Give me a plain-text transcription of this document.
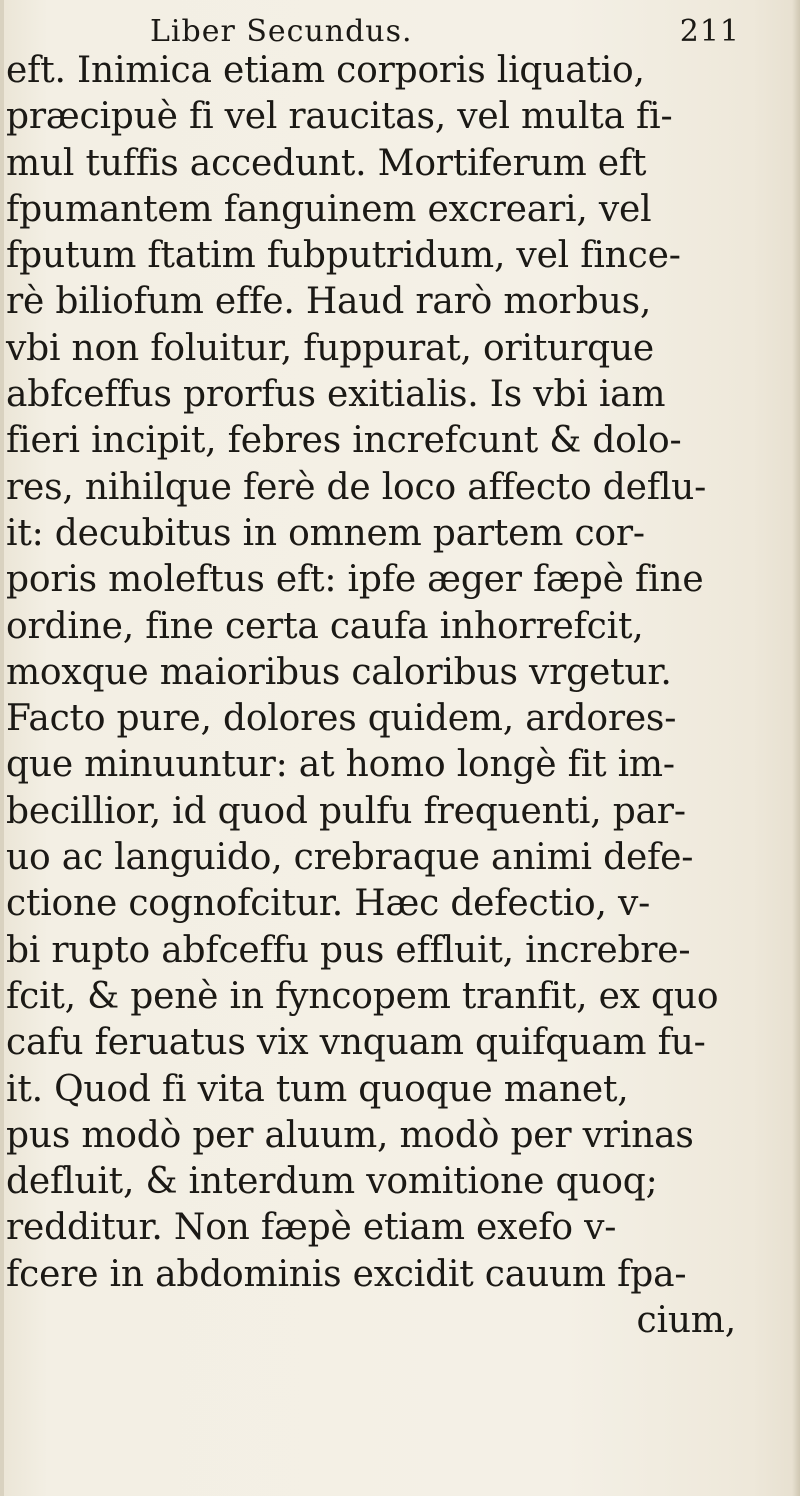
Liber Secundus.	211
eft. Inimica etiam corporis liquatio,
præcipuè fi vel raucitas, vel multa fi-
mul tuffis accedunt. Mortiferum eft
fpumantem fanguinem excreari, vel
fputum ftatim fubputridum, vel fince-
rè biliofum effe. Haud rarò morbus,
vbi non foluitur, fuppurat, oriturque
abfceffus prorfus exitialis. Is vbi iam
fieri incipit, febres increfcunt & dolo-
res, nihilque ferè de loco affecto deflu-
it: decubitus in omnem partem cor-
poris moleftus eft: ipfe æger fæpè fine
ordine, fine certa caufa inhorrefcit,
moxque maioribus caloribus vrgetur.
Facto pure, dolores quidem, ardores-
que minuuntur: at homo longè fit im-
becillior, id quod pulfu frequenti, par-
uo ac languido, crebraque animi defe-
ctione cognofcitur. Hæc defectio, v-
bi rupto abfceffu pus effluit, increbre-
fcit, & penè in fyncopem tranfit, ex quo
cafu feruatus vix vnquam quifquam fu-
it. Quod fi vita tum quoque manet,
pus modò per aluum, modò per vrinas
defluit, & interdum vomitione quoq;
redditur. Non fæpè etiam exefo v-
fcere in abdominis excidit cauum fpa-
cium,
